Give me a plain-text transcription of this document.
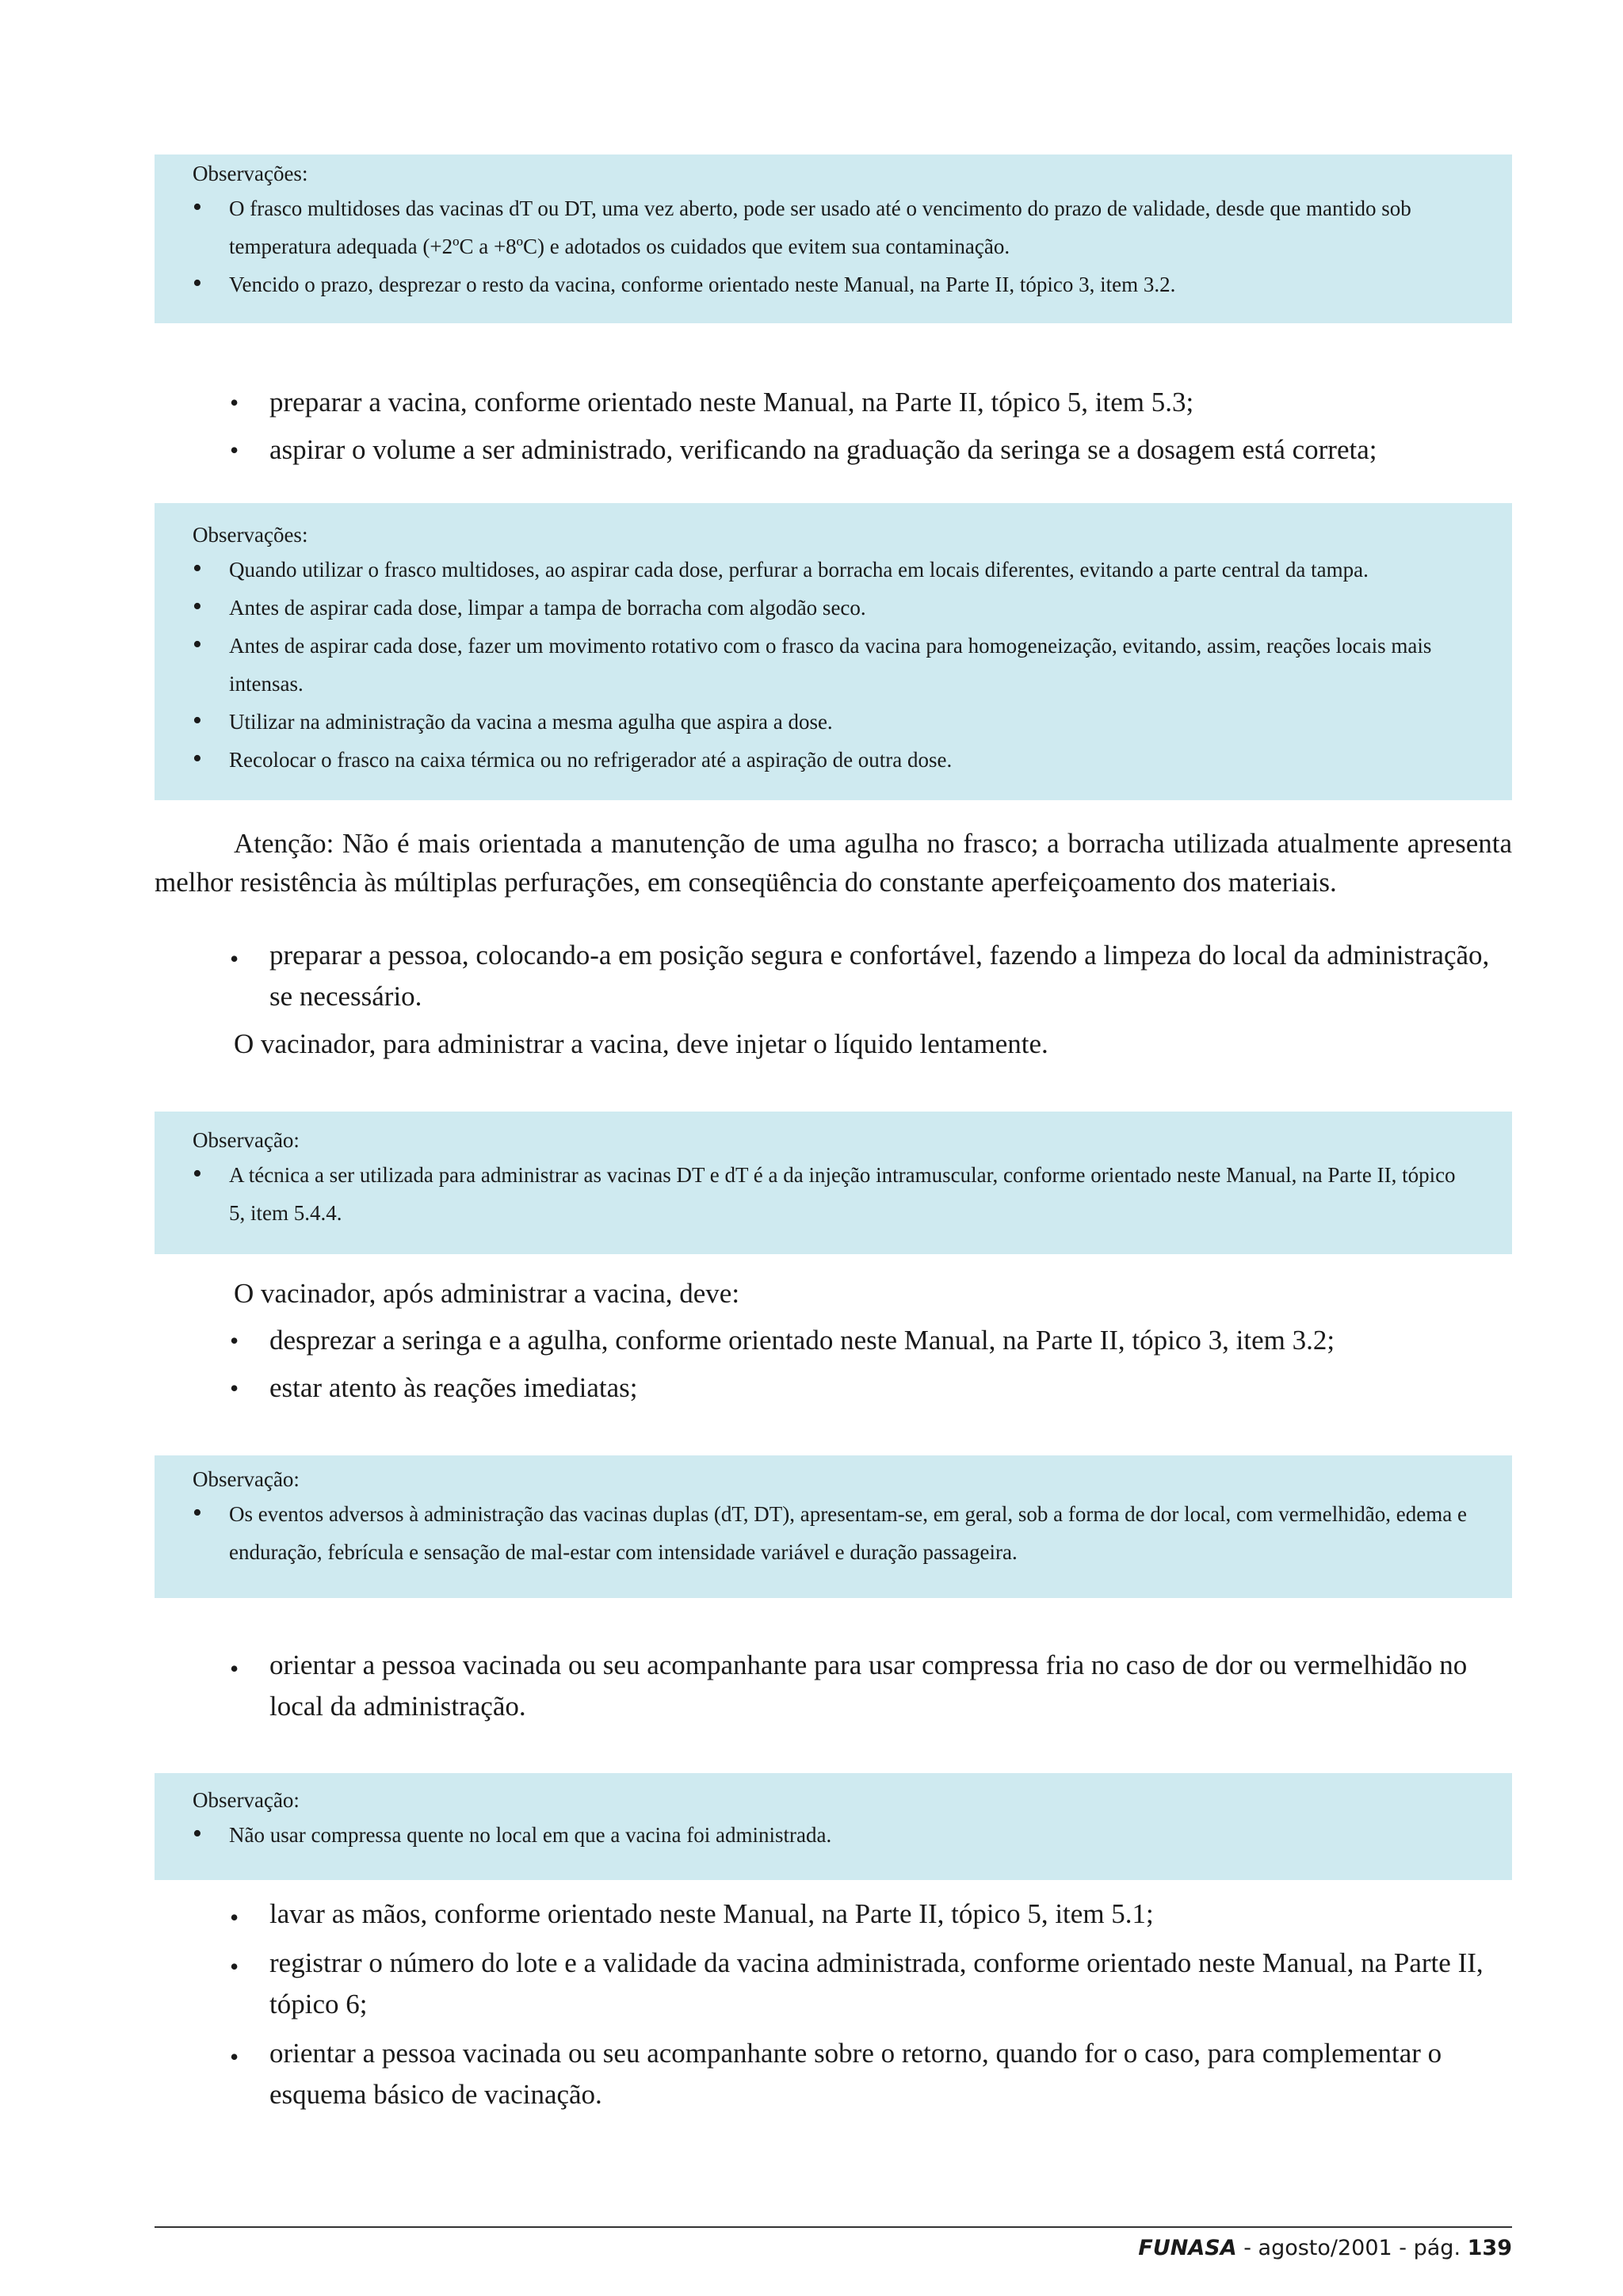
Observações:

• O frasco multidoses das vacinas dT ou DT, uma vez aberto, pode ser usado até o vencimento do prazo de validade, desde que mantido sob temperatura adequada (+2ºC a +8ºC) e adotados os cuidados que evitem sua contaminação.
• Vencido o prazo, desprezar o resto da vacina, conforme orientado neste Manual, na Parte II, tópico 3, item 3.2.
• preparar a vacina, conforme orientado neste Manual, na Parte II, tópico 5, item 5.3;
• aspirar o volume a ser administrado, verificando na graduação da seringa se a dosagem está correta;

Observações:

• Quando utilizar o frasco multidoses, ao aspirar cada dose, perfurar a borracha em locais diferentes, evitando a parte central da tampa.
• Antes de aspirar cada dose, limpar a tampa de borracha com algodão seco.
• Antes de aspirar cada dose, fazer um movimento rotativo com o frasco da vacina para homogeneização, evitando, assim, reações locais mais intensas.
• Utilizar na administração da vacina a mesma agulha que aspira a dose.
• Recolocar o frasco na caixa térmica ou no refrigerador até a aspiração de outra dose.

Atenção: Não é mais orientada a manutenção de uma agulha no frasco; a borracha utilizada atualmente apresenta melhor resistência às múltiplas perfurações, em conseqüência do constante aperfeiçoamento dos materiais.

• preparar a pessoa, colocando-a em posição segura e confortável, fazendo a limpeza do local da administração, se necessário.

O vacinador, para administrar a vacina, deve injetar o líquido lentamente.

Observação:

• A técnica a ser utilizada para administrar as vacinas DT e dT é a da injeção intramuscular, conforme orientado neste Manual, na Parte II, tópico 5, item 5.4.4.

O vacinador, após administrar a vacina, deve:

• desprezar a seringa e a agulha, conforme orientado neste Manual, na Parte II, tópico 3, item 3.2;
• estar atento às reações imediatas;

Observação:

• Os eventos adversos à administração das vacinas duplas (dT, DT), apresentam-se, em geral, sob a forma de dor local, com vermelhidão, edema e enduração, febrícula e sensação de mal-estar com intensidade variável e duração passageira.
• orientar a pessoa vacinada ou seu acompanhante para usar compressa fria no caso de dor ou vermelhidão no local da administração.

Observação:

• Não usar compressa quente no local em que a vacina foi administrada.
• lavar as mãos, conforme orientado neste Manual, na Parte II, tópico 5, item 5.1;
• registrar o número do lote e a validade da vacina administrada, conforme orientado neste Manual, na Parte II, tópico 6;
• orientar a pessoa vacinada ou seu acompanhante sobre o retorno, quando for o caso, para complementar o esquema básico de vacinação.
FUNASA - agosto/2001 - pág. 139
